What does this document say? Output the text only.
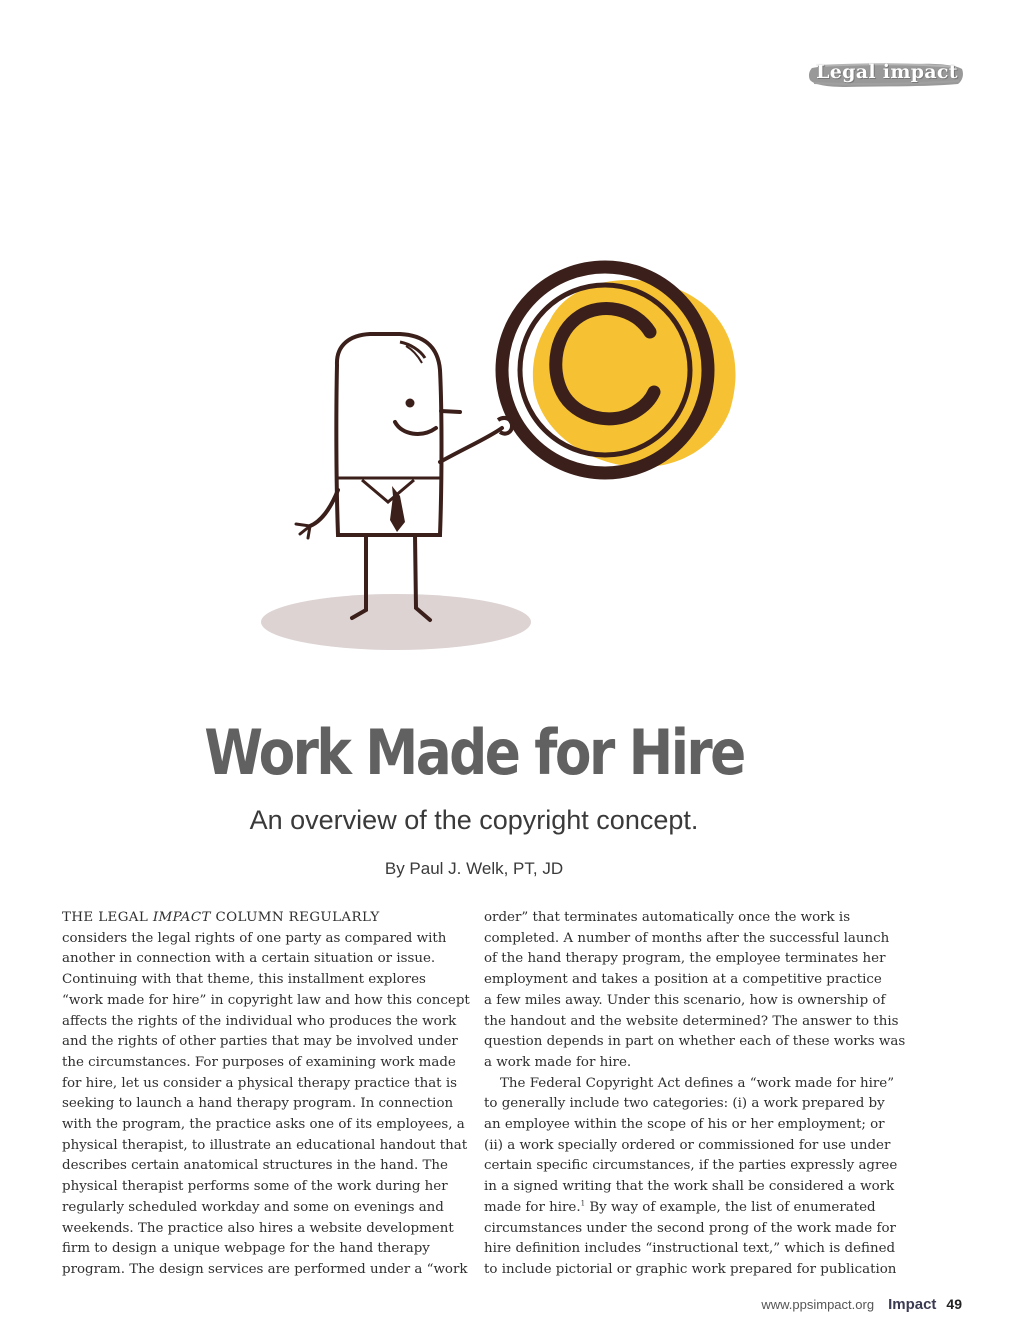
Legal impact
Work Made for Hire
An overview of the copyright concept.
By Paul J. Welk, PT, JD
THE LEGAL IMPACT COLUMN REGULARLY
considers the legal rights of one party as compared with
another in connection with a certain situation or issue.
Continuing with that theme, this installment explores
“work made for hire” in copyright law and how this concept
affects the rights of the individual who produces the work
and the rights of other parties that may be involved under
the circumstances. For purposes of examining work made
for hire, let us consider a physical therapy practice that is
seeking to launch a hand therapy program. In connection
with the program, the practice asks one of its employees, a
physical therapist, to illustrate an educational handout that
describes certain anatomical structures in the hand. The
physical therapist performs some of the work during her
regularly scheduled workday and some on evenings and
weekends. The practice also hires a website development
firm to design a unique webpage for the hand therapy
program. The design services are performed under a “work
order” that terminates automatically once the work is
completed. A number of months after the successful launch
of the hand therapy program, the employee terminates her
employment and takes a position at a competitive practice
a few miles away. Under this scenario, how is ownership of
the handout and the website determined? The answer to this
question depends in part on whether each of these works was
a work made for hire.
The Federal Copyright Act defines a “work made for hire”
to generally include two categories: (i) a work prepared by
an employee within the scope of his or her employment; or
(ii) a work specially ordered or commissioned for use under
certain specific circumstances, if the parties expressly agree
in a signed writing that the work shall be considered a work
made for hire.$^1$ By way of example, the list of enumerated
circumstances under the second prong of the work made for
hire definition includes “instructional text,” which is defined
to include pictorial or graphic work prepared for publication
www.ppsimpact.org Impact 49
